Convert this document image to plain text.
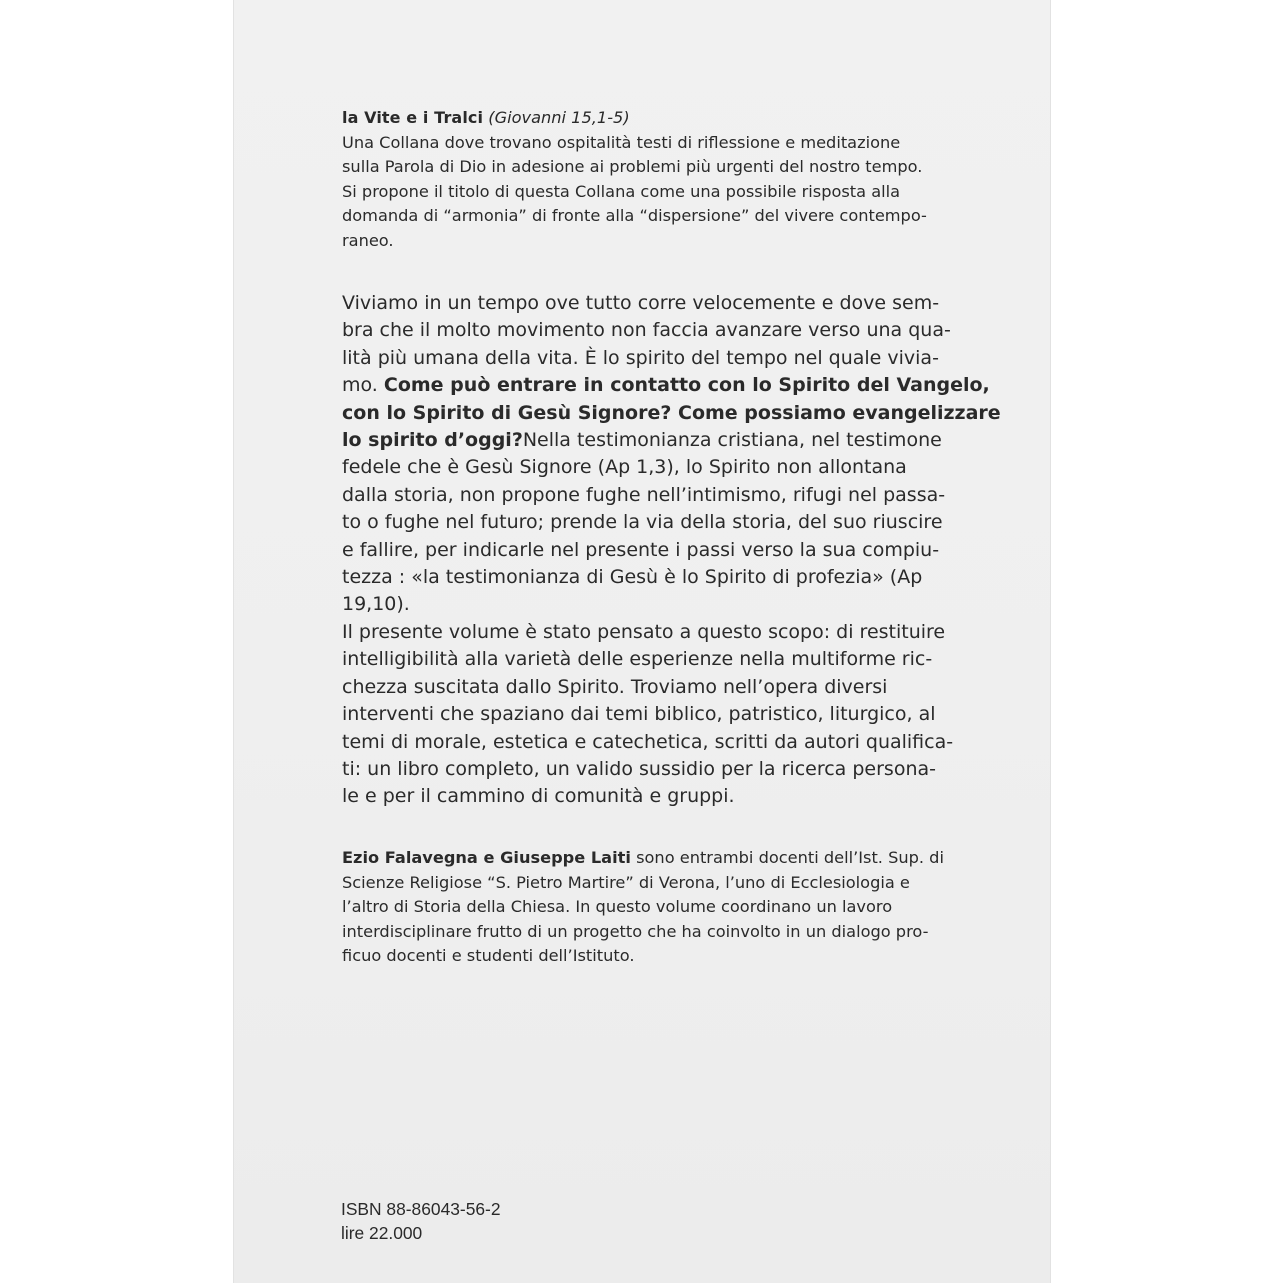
la Vite e i Tralci (Giovanni 15,1-5)
Una Collana dove trovano ospitalità testi di riflessione e meditazione
sulla Parola di Dio in adesione ai problemi più urgenti del nostro tempo.
Si propone il titolo di questa Collana come una possibile risposta alla
domanda di “armonia” di fronte alla “dispersione” del vivere contempo-
raneo.
Viviamo in un tempo ove tutto corre velocemente e dove sem-
bra che il molto movimento non faccia avanzare verso una qua-
lità più umana della vita. È lo spirito del tempo nel quale vivia-
mo. Come può entrare in contatto con lo Spirito del Vangelo,
con lo Spirito di Gesù Signore? Come possiamo evangelizzare
lo spirito d’oggi?Nella testimonianza cristiana, nel testimone
fedele che è Gesù Signore (Ap 1,3), lo Spirito non allontana
dalla storia, non propone fughe nell’intimismo, rifugi nel passa-
to o fughe nel futuro; prende la via della storia, del suo riuscire
e fallire, per indicarle nel presente i passi verso la sua compiu-
tezza : «la testimonianza di Gesù è lo Spirito di profezia» (Ap
19,10).
Il presente volume è stato pensato a questo scopo: di restituire
intelligibilità alla varietà delle esperienze nella multiforme ric-
chezza suscitata dallo Spirito. Troviamo nell’opera diversi
interventi che spaziano dai temi biblico, patristico, liturgico, al
temi di morale, estetica e catechetica, scritti da autori qualifica-
ti: un libro completo, un valido sussidio per la ricerca persona-
le e per il cammino di comunità e gruppi.
Ezio Falavegna e Giuseppe Laiti sono entrambi docenti dell’Ist. Sup. di
Scienze Religiose “S. Pietro Martire” di Verona, l’uno di Ecclesiologia e
l’altro di Storia della Chiesa. In questo volume coordinano un lavoro
interdisciplinare frutto di un progetto che ha coinvolto in un dialogo pro-
ficuo docenti e studenti dell’Istituto.
ISBN 88-86043-56-2
lire 22.000
